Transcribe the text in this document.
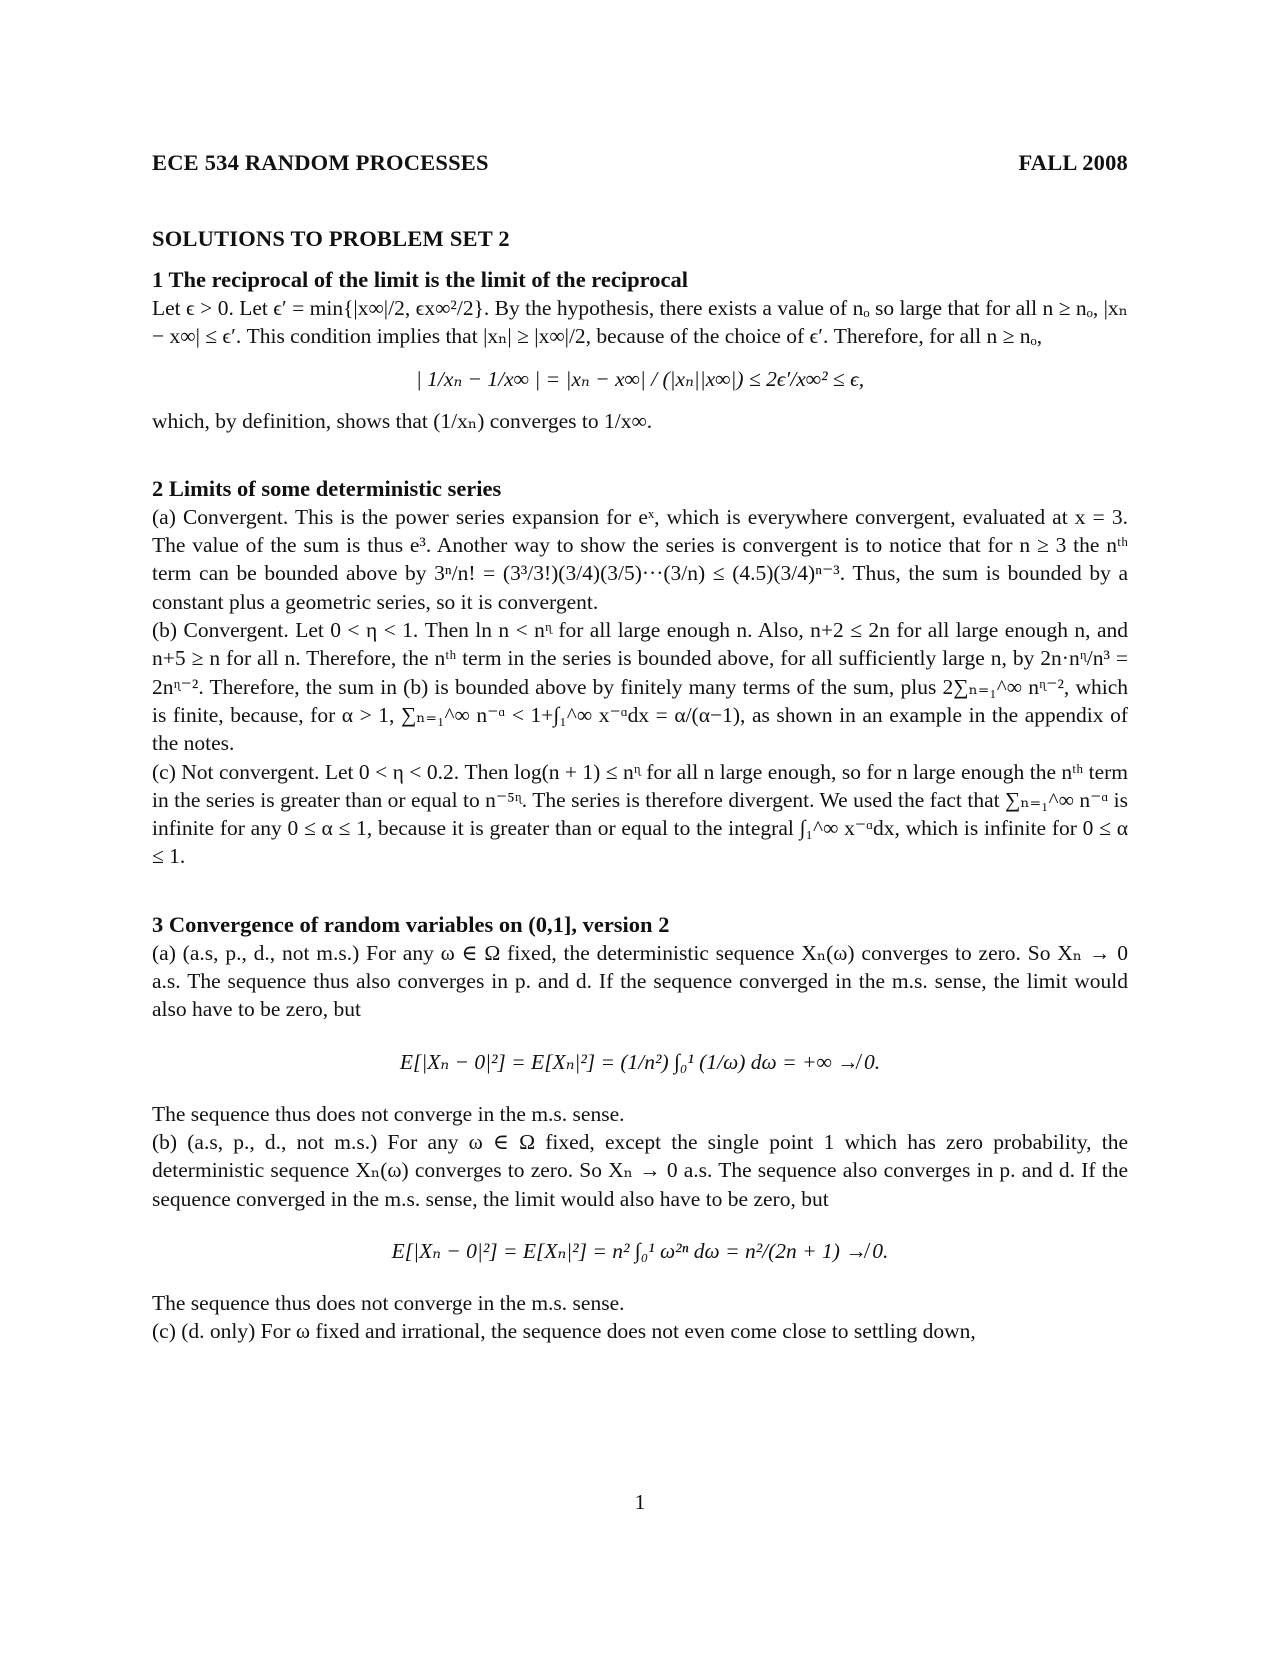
ECE 534 RANDOM PROCESSES	FALL 2008
SOLUTIONS TO PROBLEM SET 2
1 The reciprocal of the limit is the limit of the reciprocal

Let ϵ > 0. Let ϵ′ = min{|x∞|/2, ϵx∞²/2}. By the hypothesis, there exists a value of nₒ so large that for all n ≥ nₒ, |xₙ − x∞| ≤ ϵ′. This condition implies that |xₙ| ≥ |x∞|/2, because of the choice of ϵ′. Therefore, for all n ≥ nₒ,

| 1/xₙ − 1/x∞ | = |xₙ − x∞| / (|xₙ||x∞|) ≤ 2ϵ′/x∞² ≤ ϵ,

which, by definition, shows that (1/xₙ) converges to 1/x∞.

2 Limits of some deterministic series

(a) Convergent. This is the power series expansion for eˣ, which is everywhere convergent, evaluated at x = 3. The value of the sum is thus e³. Another way to show the series is convergent is to notice that for n ≥ 3 the nᵗʰ term can be bounded above by 3ⁿ/n! = (3³/3!)(3/4)(3/5)···(3/n) ≤ (4.5)(3/4)ⁿ⁻³. Thus, the sum is bounded by a constant plus a geometric series, so it is convergent.

(b) Convergent. Let 0 < η < 1. Then ln n < nᶯ for all large enough n. Also, n+2 ≤ 2n for all large enough n, and n+5 ≥ n for all n. Therefore, the nᵗʰ term in the series is bounded above, for all sufficiently large n, by 2n·nᶯ/n³ = 2nᶯ⁻². Therefore, the sum in (b) is bounded above by finitely many terms of the sum, plus 2∑ₙ₌₁^∞ nᶯ⁻², which is finite, because, for α > 1, ∑ₙ₌₁^∞ n⁻ᵅ < 1+∫₁^∞ x⁻ᵅdx = α/(α−1), as shown in an example in the appendix of the notes.

(c) Not convergent. Let 0 < η < 0.2. Then log(n + 1) ≤ nᶯ for all n large enough, so for n large enough the nᵗʰ term in the series is greater than or equal to n⁻⁵ᶯ. The series is therefore divergent. We used the fact that ∑ₙ₌₁^∞ n⁻ᵅ is infinite for any 0 ≤ α ≤ 1, because it is greater than or equal to the integral ∫₁^∞ x⁻ᵅdx, which is infinite for 0 ≤ α ≤ 1.

3 Convergence of random variables on (0,1], version 2

(a) (a.s, p., d., not m.s.) For any ω ∈ Ω fixed, the deterministic sequence Xₙ(ω) converges to zero. So Xₙ → 0 a.s. The sequence thus also converges in p. and d. If the sequence converged in the m.s. sense, the limit would also have to be zero, but

E[|Xₙ − 0|²] = E[Xₙ|²] = (1/n²) ∫₀¹ (1/ω) dω = +∞ ↛ 0.

The sequence thus does not converge in the m.s. sense.

(b) (a.s, p., d., not m.s.) For any ω ∈ Ω fixed, except the single point 1 which has zero probability, the deterministic sequence Xₙ(ω) converges to zero. So Xₙ → 0 a.s. The sequence also converges in p. and d. If the sequence converged in the m.s. sense, the limit would also have to be zero, but

E[|Xₙ − 0|²] = E[Xₙ|²] = n² ∫₀¹ ω²ⁿ dω = n²/(2n + 1) ↛ 0.

The sequence thus does not converge in the m.s. sense.

(c) (d. only) For ω fixed and irrational, the sequence does not even come close to settling down,

1
